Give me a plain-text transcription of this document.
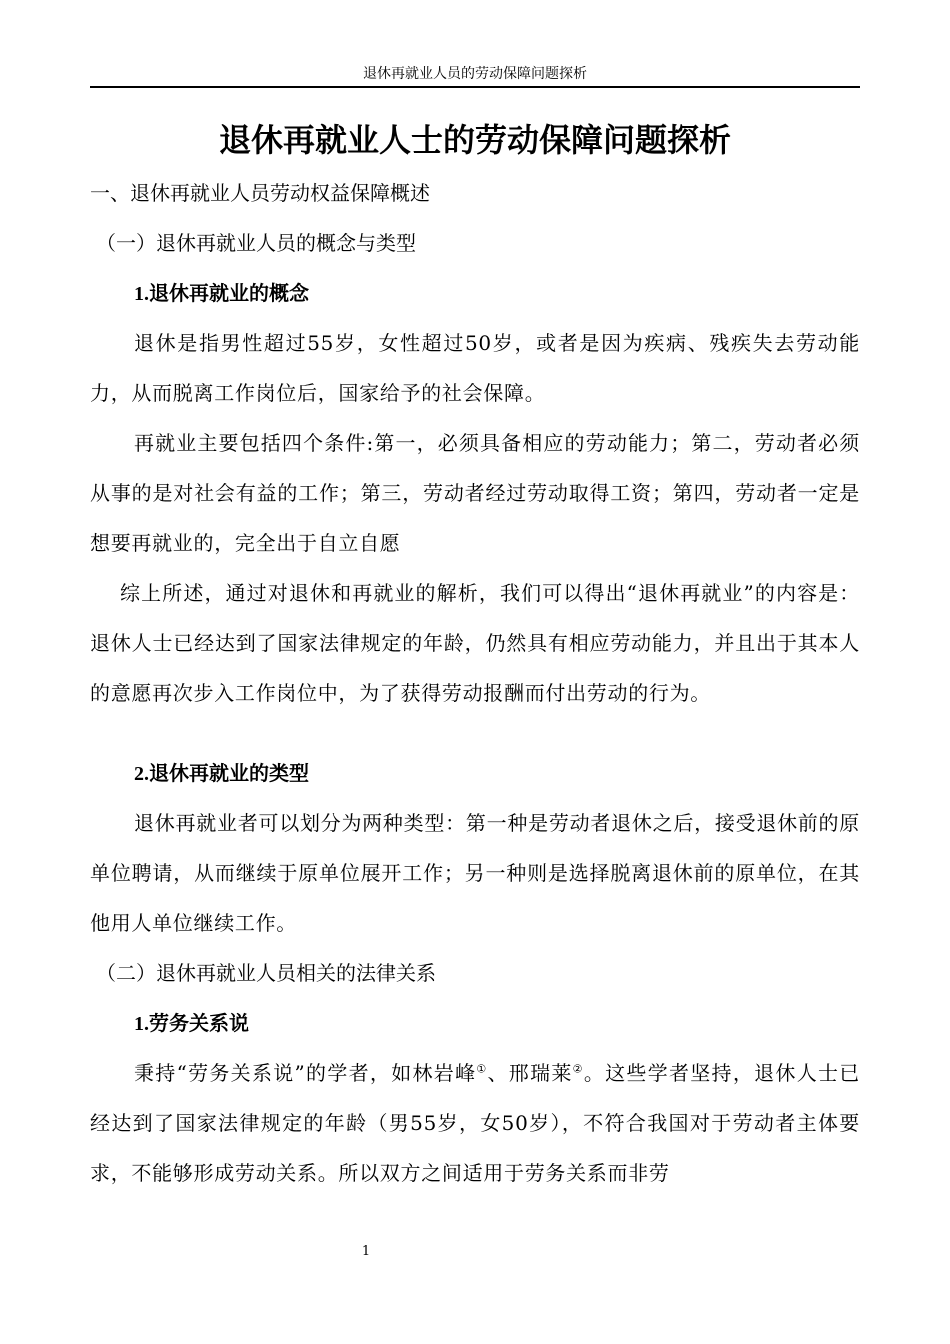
退休再就业人员的劳动保障问题探析
退休再就业人士的劳动保障问题探析
一、退休再就业人员劳动权益保障概述
（一）退休再就业人员的概念与类型
1.退休再就业的概念

退休是指男性超过55岁，女性超过50岁，或者是因为疾病、残疾失去劳动能力，从而脱离工作岗位后，国家给予的社会保障。

再就业主要包括四个条件:第一，必须具备相应的劳动能力；第二，劳动者必须从事的是对社会有益的工作；第三，劳动者经过劳动取得工资；第四，劳动者一定是想要再就业的，完全出于自立自愿

综上所述，通过对退休和再就业的解析，我们可以得出“退休再就业”的内容是：退休人士已经达到了国家法律规定的年龄，仍然具有相应劳动能力，并且出于其本人的意愿再次步入工作岗位中，为了获得劳动报酬而付出劳动的行为。

2.退休再就业的类型

退休再就业者可以划分为两种类型：第一种是劳动者退休之后，接受退休前的原单位聘请，从而继续于原单位展开工作；另一种则是选择脱离退休前的原单位，在其他用人单位继续工作。

（二）退休再就业人员相关的法律关系
1.劳务关系说

秉持“劳务关系说”的学者，如林岩峰①、邢瑞莱②。这些学者坚持，退休人士已经达到了国家法律规定的年龄（男55岁，女50岁），不符合我国对于劳动者主体要求，不能够形成劳动关系。所以双方之间适用于劳务关系而非劳

1
